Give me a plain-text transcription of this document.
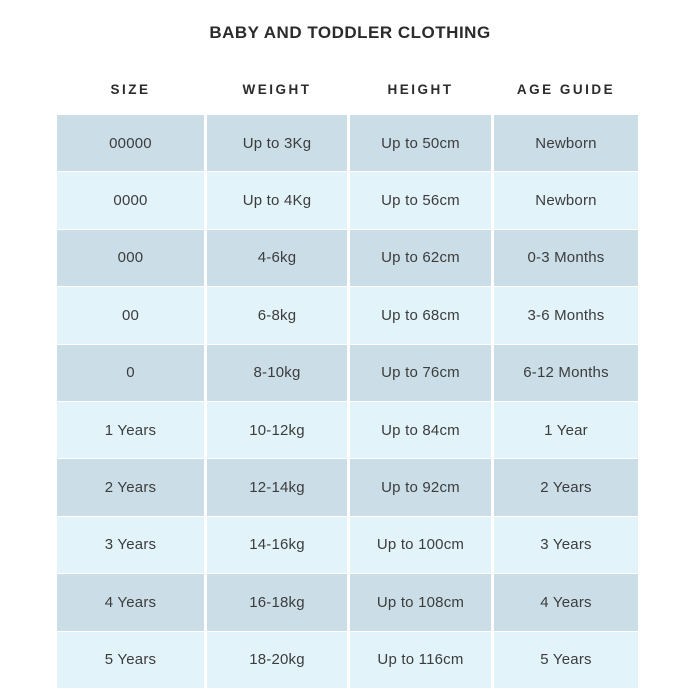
BABY AND TODDLER CLOTHING
SIZE	WEIGHT	HEIGHT	AGE GUIDE
00000	Up to 3Kg	Up to 50cm	Newborn
0000	Up to 4Kg	Up to 56cm	Newborn
000	4-6kg	Up to 62cm	0-3 Months
00	6-8kg	Up to 68cm	3-6 Months
0	8-10kg	Up to 76cm	6-12 Months
1 Years	10-12kg	Up to 84cm	1 Year
2 Years	12-14kg	Up to 92cm	2 Years
3 Years	14-16kg	Up to 100cm	3 Years
4 Years	16-18kg	Up to 108cm	4 Years
5 Years	18-20kg	Up to 116cm	5 Years
